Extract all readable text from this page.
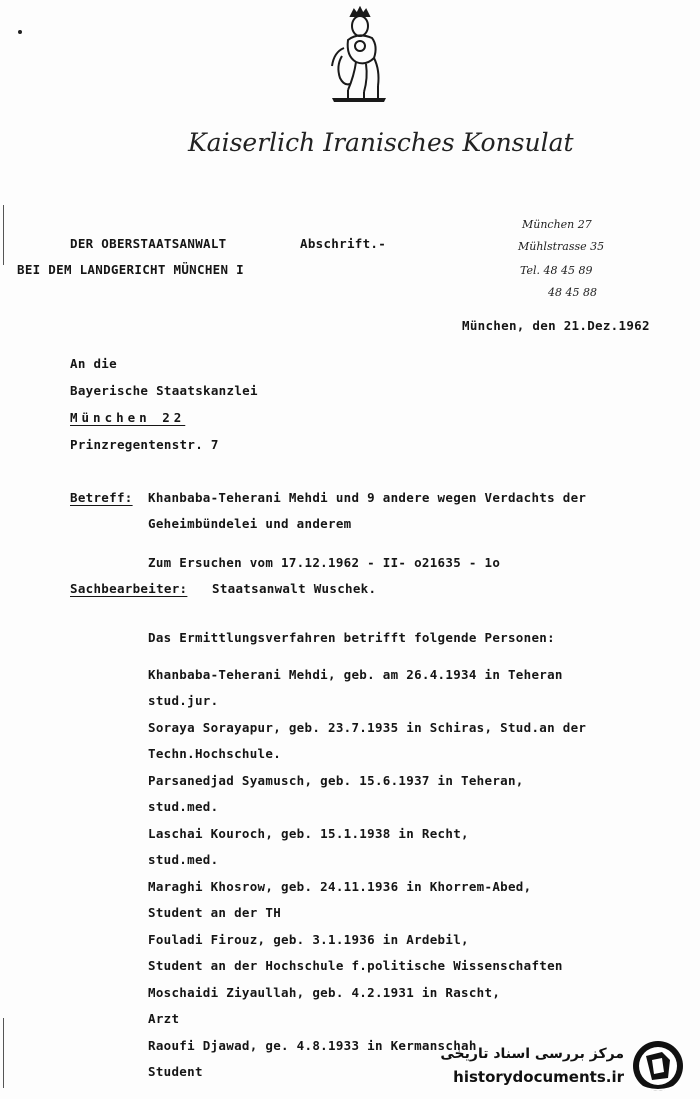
Kaiserlich Iranisches Konsulat
DER OBERSTAATSANWALT
BEI DEM LANDGERICHT MÜNCHEN I
Abschrift.-
München 27
Mühlstrasse 35
Tel. 48 45 89
48 45 88
München, den 21.Dez.1962
An die
Bayerische Staatskanzlei
München 22
Prinzregentenstr. 7
Betreff: Khanbaba-Teherani Mehdi und 9 andere wegen Verdachts der
Geheimbündelei und anderem
Zum Ersuchen vom 17.12.1962 - II- o21635 - 1o
Sachbearbeiter: Staatsanwalt Wuschek.
Das Ermittlungsverfahren betrifft folgende Personen:
Khanbaba-Teherani Mehdi, geb. am 26.4.1934 in Teheran
stud.jur.
Soraya Sorayapur, geb. 23.7.1935 in Schiras, Stud.an der
Techn.Hochschule.
Parsanedjad Syamusch, geb. 15.6.1937 in Teheran,
stud.med.
Laschai Kouroch, geb. 15.1.1938 in Recht,
stud.med.
Maraghi Khosrow, geb. 24.11.1936 in Khorrem-Abed,
Student an der TH
Fouladi Firouz, geb. 3.1.1936 in Ardebil,
Student an der Hochschule f.politische Wissenschaften
Moschaidi Ziyaullah, geb. 4.2.1931 in Rascht,
Arzt
Raoufi Djawad, ge. 4.8.1933 in Kermanschah
Student
مرکز بررسی اسناد تاریخی
historydocuments.ir
